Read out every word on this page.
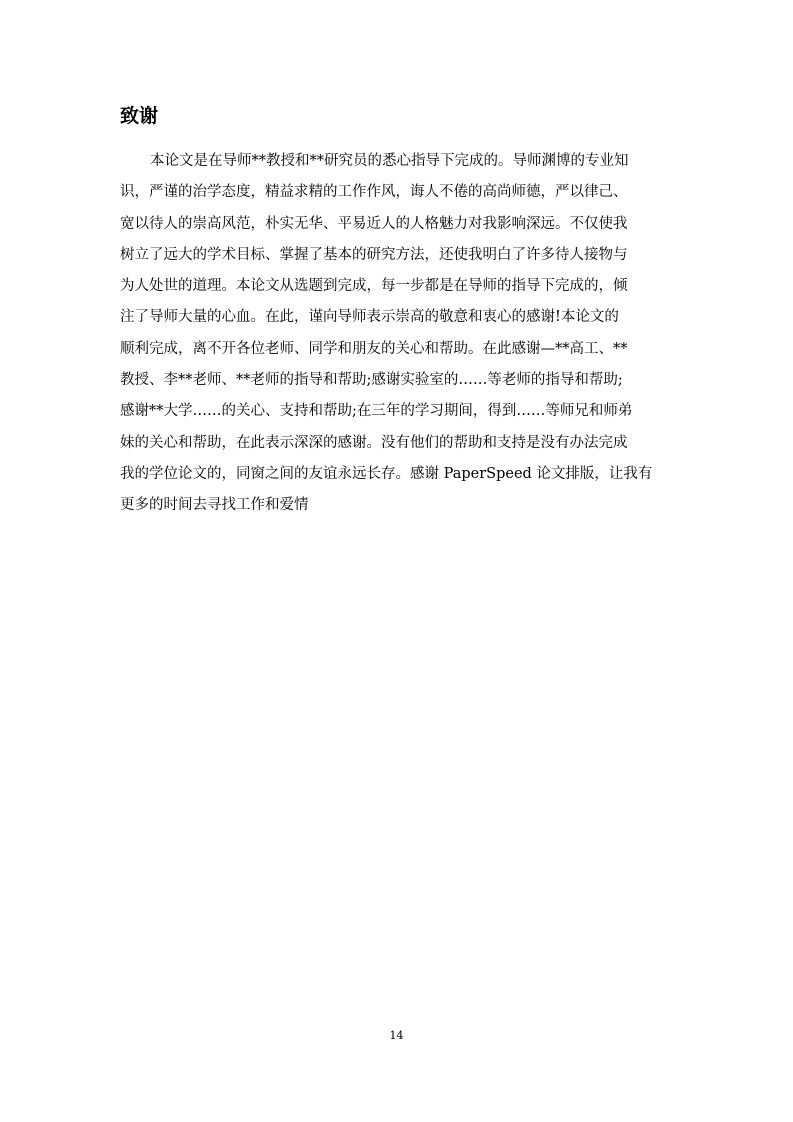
致谢
本论文是在导师**教授和**研究员的悉心指导下完成的。导师渊博的专业知
识，严谨的治学态度，精益求精的工作作风，诲人不倦的高尚师德，严以律己、
宽以待人的崇高风范，朴实无华、平易近人的人格魅力对我影响深远。不仅使我
树立了远大的学术目标、掌握了基本的研究方法，还使我明白了许多待人接物与
为人处世的道理。本论文从选题到完成，每一步都是在导师的指导下完成的，倾
注了导师大量的心血。在此，谨向导师表示崇高的敬意和衷心的感谢!本论文的
顺利完成，离不开各位老师、同学和朋友的关心和帮助。在此感谢—**高工、**
教授、李**老师、**老师的指导和帮助;感谢实验室的……等老师的指导和帮助;
感谢**大学……的关心、支持和帮助;在三年的学习期间，得到……等师兄和师弟
妹的关心和帮助，在此表示深深的感谢。没有他们的帮助和支持是没有办法完成
我的学位论文的，同窗之间的友谊永远长存。感谢 PaperSpeed 论文排版，让我有
更多的时间去寻找工作和爱情

14
